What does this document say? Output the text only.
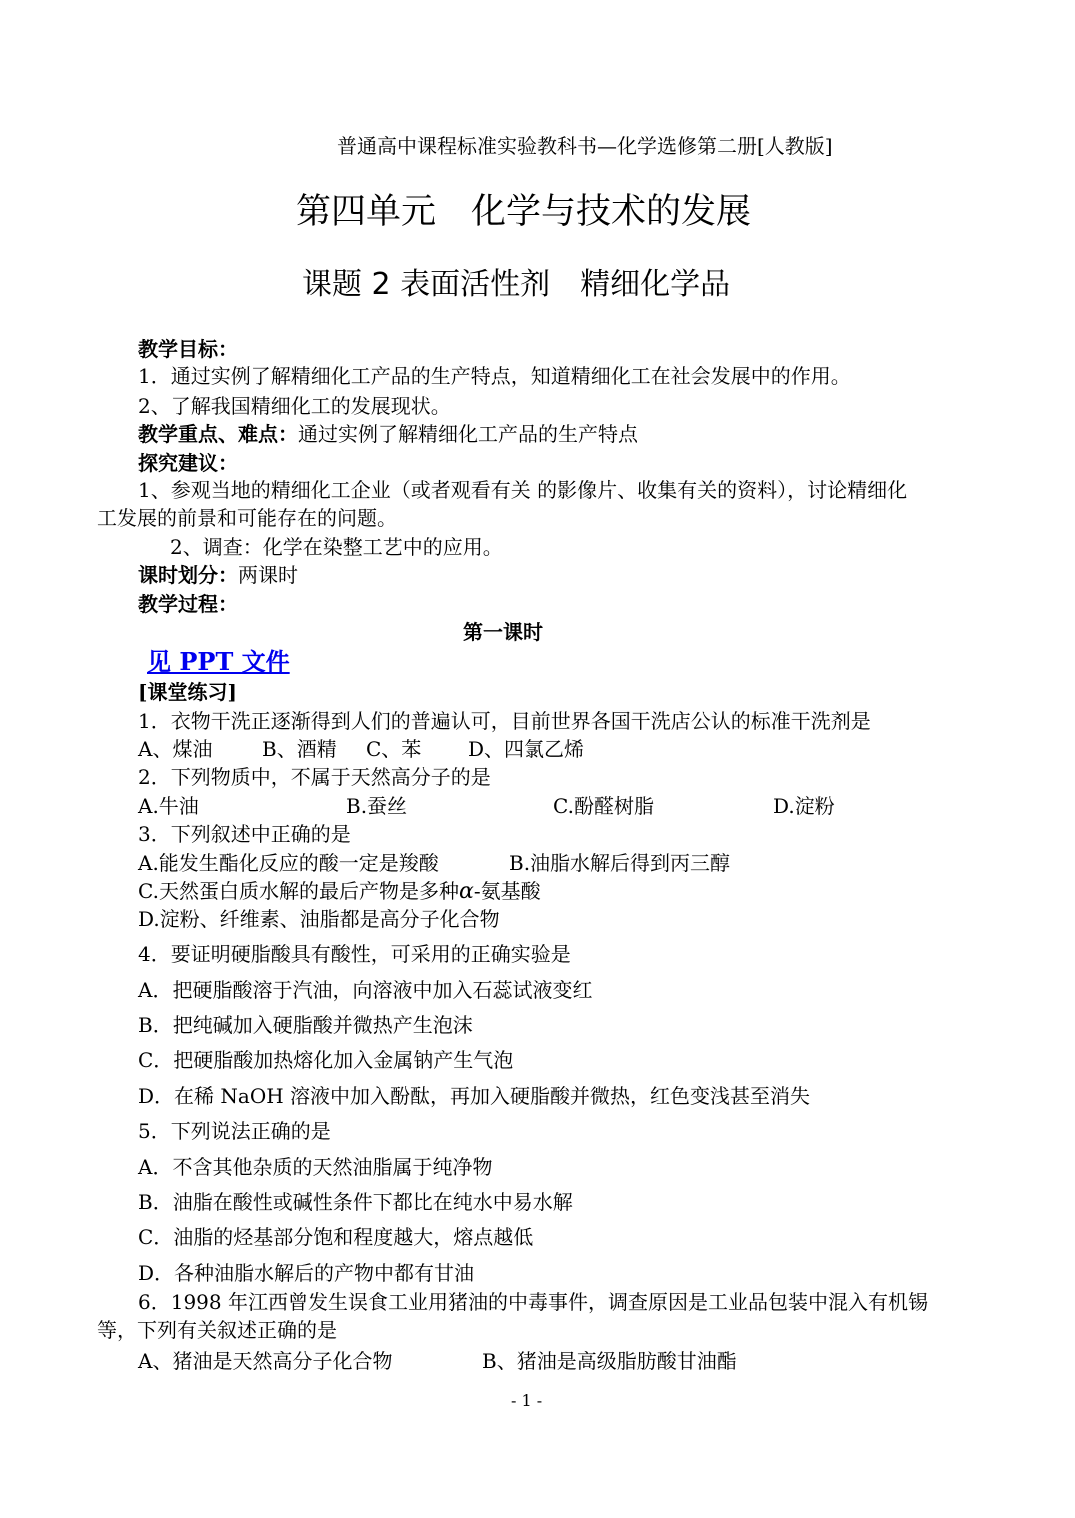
普通高中课程标准实验教科书—化学选修第二册[人教版]
第四单元　化学与技术的发展
课题 2 表面活性剂　精细化学品
教学目标：
1．通过实例了解精细化工产品的生产特点，知道精细化工在社会发展中的作用。
2、了解我国精细化工的发展现状。
教学重点、难点：通过实例了解精细化工产品的生产特点
探究建议：
1、参观当地的精细化工企业（或者观看有关 的影像片、收集有关的资料），讨论精细化
工发展的前景和可能存在的问题。
2、调查：化学在染整工艺中的应用。
课时划分：两课时
教学过程：
第一课时
见 PPT 文件
[课堂练习]
1．衣物干洗正逐渐得到人们的普遍认可，目前世界各国干洗店公认的标准干洗剂是
A、煤油 B、酒精 C、苯 D、四氯乙烯
2．下列物质中，不属于天然高分子的是
A.牛油	B.蚕丝	C.酚醛树脂	D.淀粉
3．下列叙述中正确的是
A.能发生酯化反应的酸一定是羧酸	B.油脂水解后得到丙三醇
C.天然蛋白质水解的最后产物是多种α-氨基酸
D.淀粉、纤维素、油脂都是高分子化合物
4．要证明硬脂酸具有酸性，可采用的正确实验是
A．把硬脂酸溶于汽油，向溶液中加入石蕊试液变红
B．把纯碱加入硬脂酸并微热产生泡沫
C．把硬脂酸加热熔化加入金属钠产生气泡
D．在稀 NaOH 溶液中加入酚酞，再加入硬脂酸并微热，红色变浅甚至消失
5．下列说法正确的是
A．不含其他杂质的天然油脂属于纯净物
B．油脂在酸性或碱性条件下都比在纯水中易水解
C．油脂的烃基部分饱和程度越大，熔点越低
D．各种油脂水解后的产物中都有甘油
6．1998 年江西曾发生误食工业用猪油的中毒事件，调查原因是工业品包装中混入有机锡
等，下列有关叙述正确的是
A、猪油是天然高分子化合物	B、猪油是高级脂肪酸甘油酯
- 1 -
